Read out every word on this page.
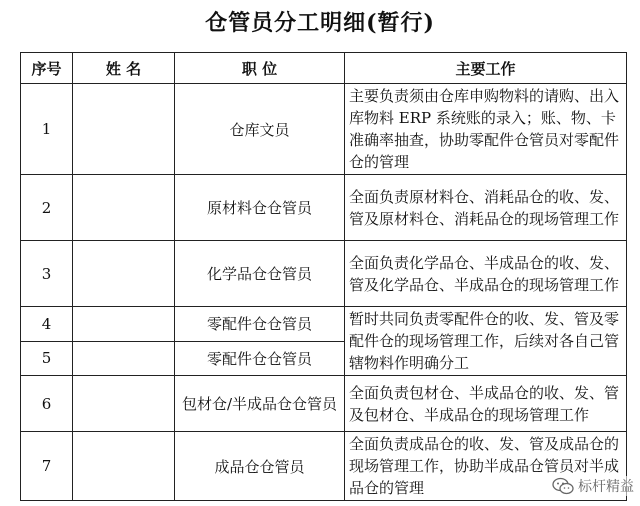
仓管员分工明细(暂行)
序号	姓 名	职 位	主要工作
1		仓库文员	主要负责须由仓库申购物料的请购、出入库物料 ERP 系统账的录入；账、物、卡准确率抽查，协助零配件仓管员对零配件仓的管理
2		原材料仓仓管员	全面负责原材料仓、消耗品仓的收、发、管及原材料仓、消耗品仓的现场管理工作
3		化学品仓仓管员	全面负责化学品仓、半成品仓的收、发、管及化学品仓、半成品仓的现场管理工作
4		零配件仓仓管员	暂时共同负责零配件仓的收、发、管及零配件仓的现场管理工作，后续对各自己管辖物料作明确分工
5		零配件仓仓管员	
6		包材仓/半成品仓仓管员	全面负责包材仓、半成品仓的收、发、管及包材仓、半成品仓的现场管理工作
7		成品仓仓管员	全面负责成品仓的收、发、管及成品仓的现场管理工作，协助半成品仓管员对半成品仓的管理	标杆精益
